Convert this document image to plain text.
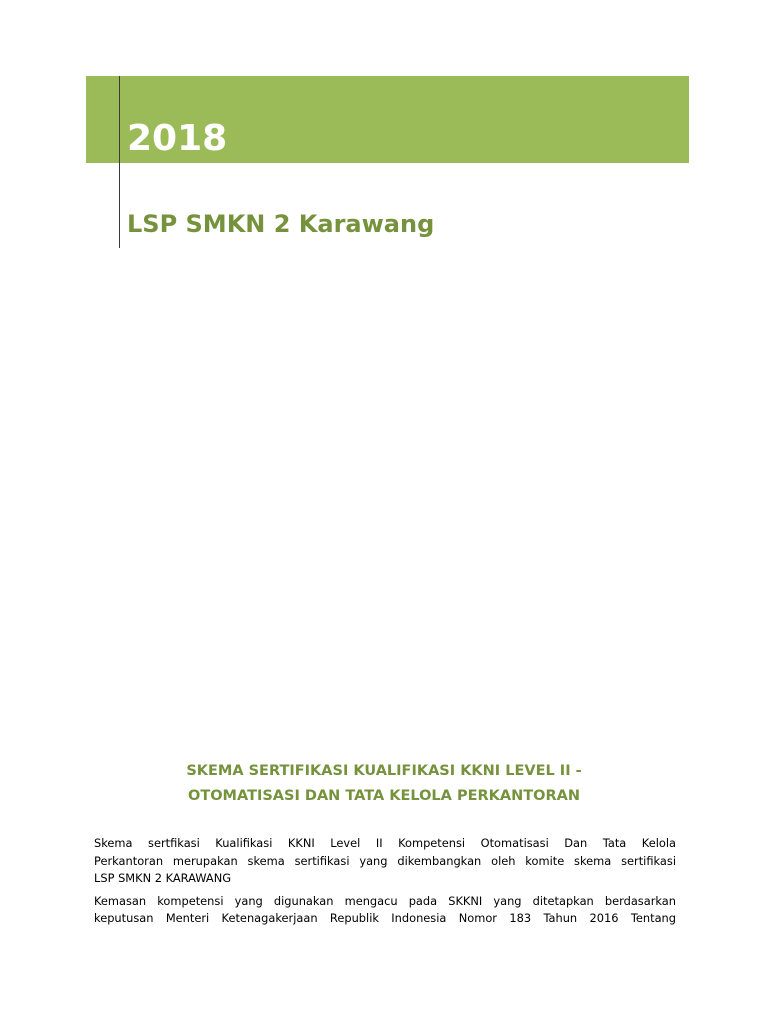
2018
LSP SMKN 2 Karawang
SKEMA SERTIFIKASI KUALIFIKASI KKNI LEVEL II -
OTOMATISASI DAN TATA KELOLA PERKANTORAN
Skema sertfikasi Kualifikasi KKNI Level II Kompetensi Otomatisasi Dan Tata Kelola
Perkantoran merupakan skema sertifikasi yang dikembangkan oleh komite skema sertifikasi
LSP SMKN 2 KARAWANG
Kemasan kompetensi yang digunakan mengacu pada SKKNI yang ditetapkan berdasarkan
keputusan Menteri Ketenagakerjaan Republik Indonesia Nomor 183 Tahun 2016 Tentang
